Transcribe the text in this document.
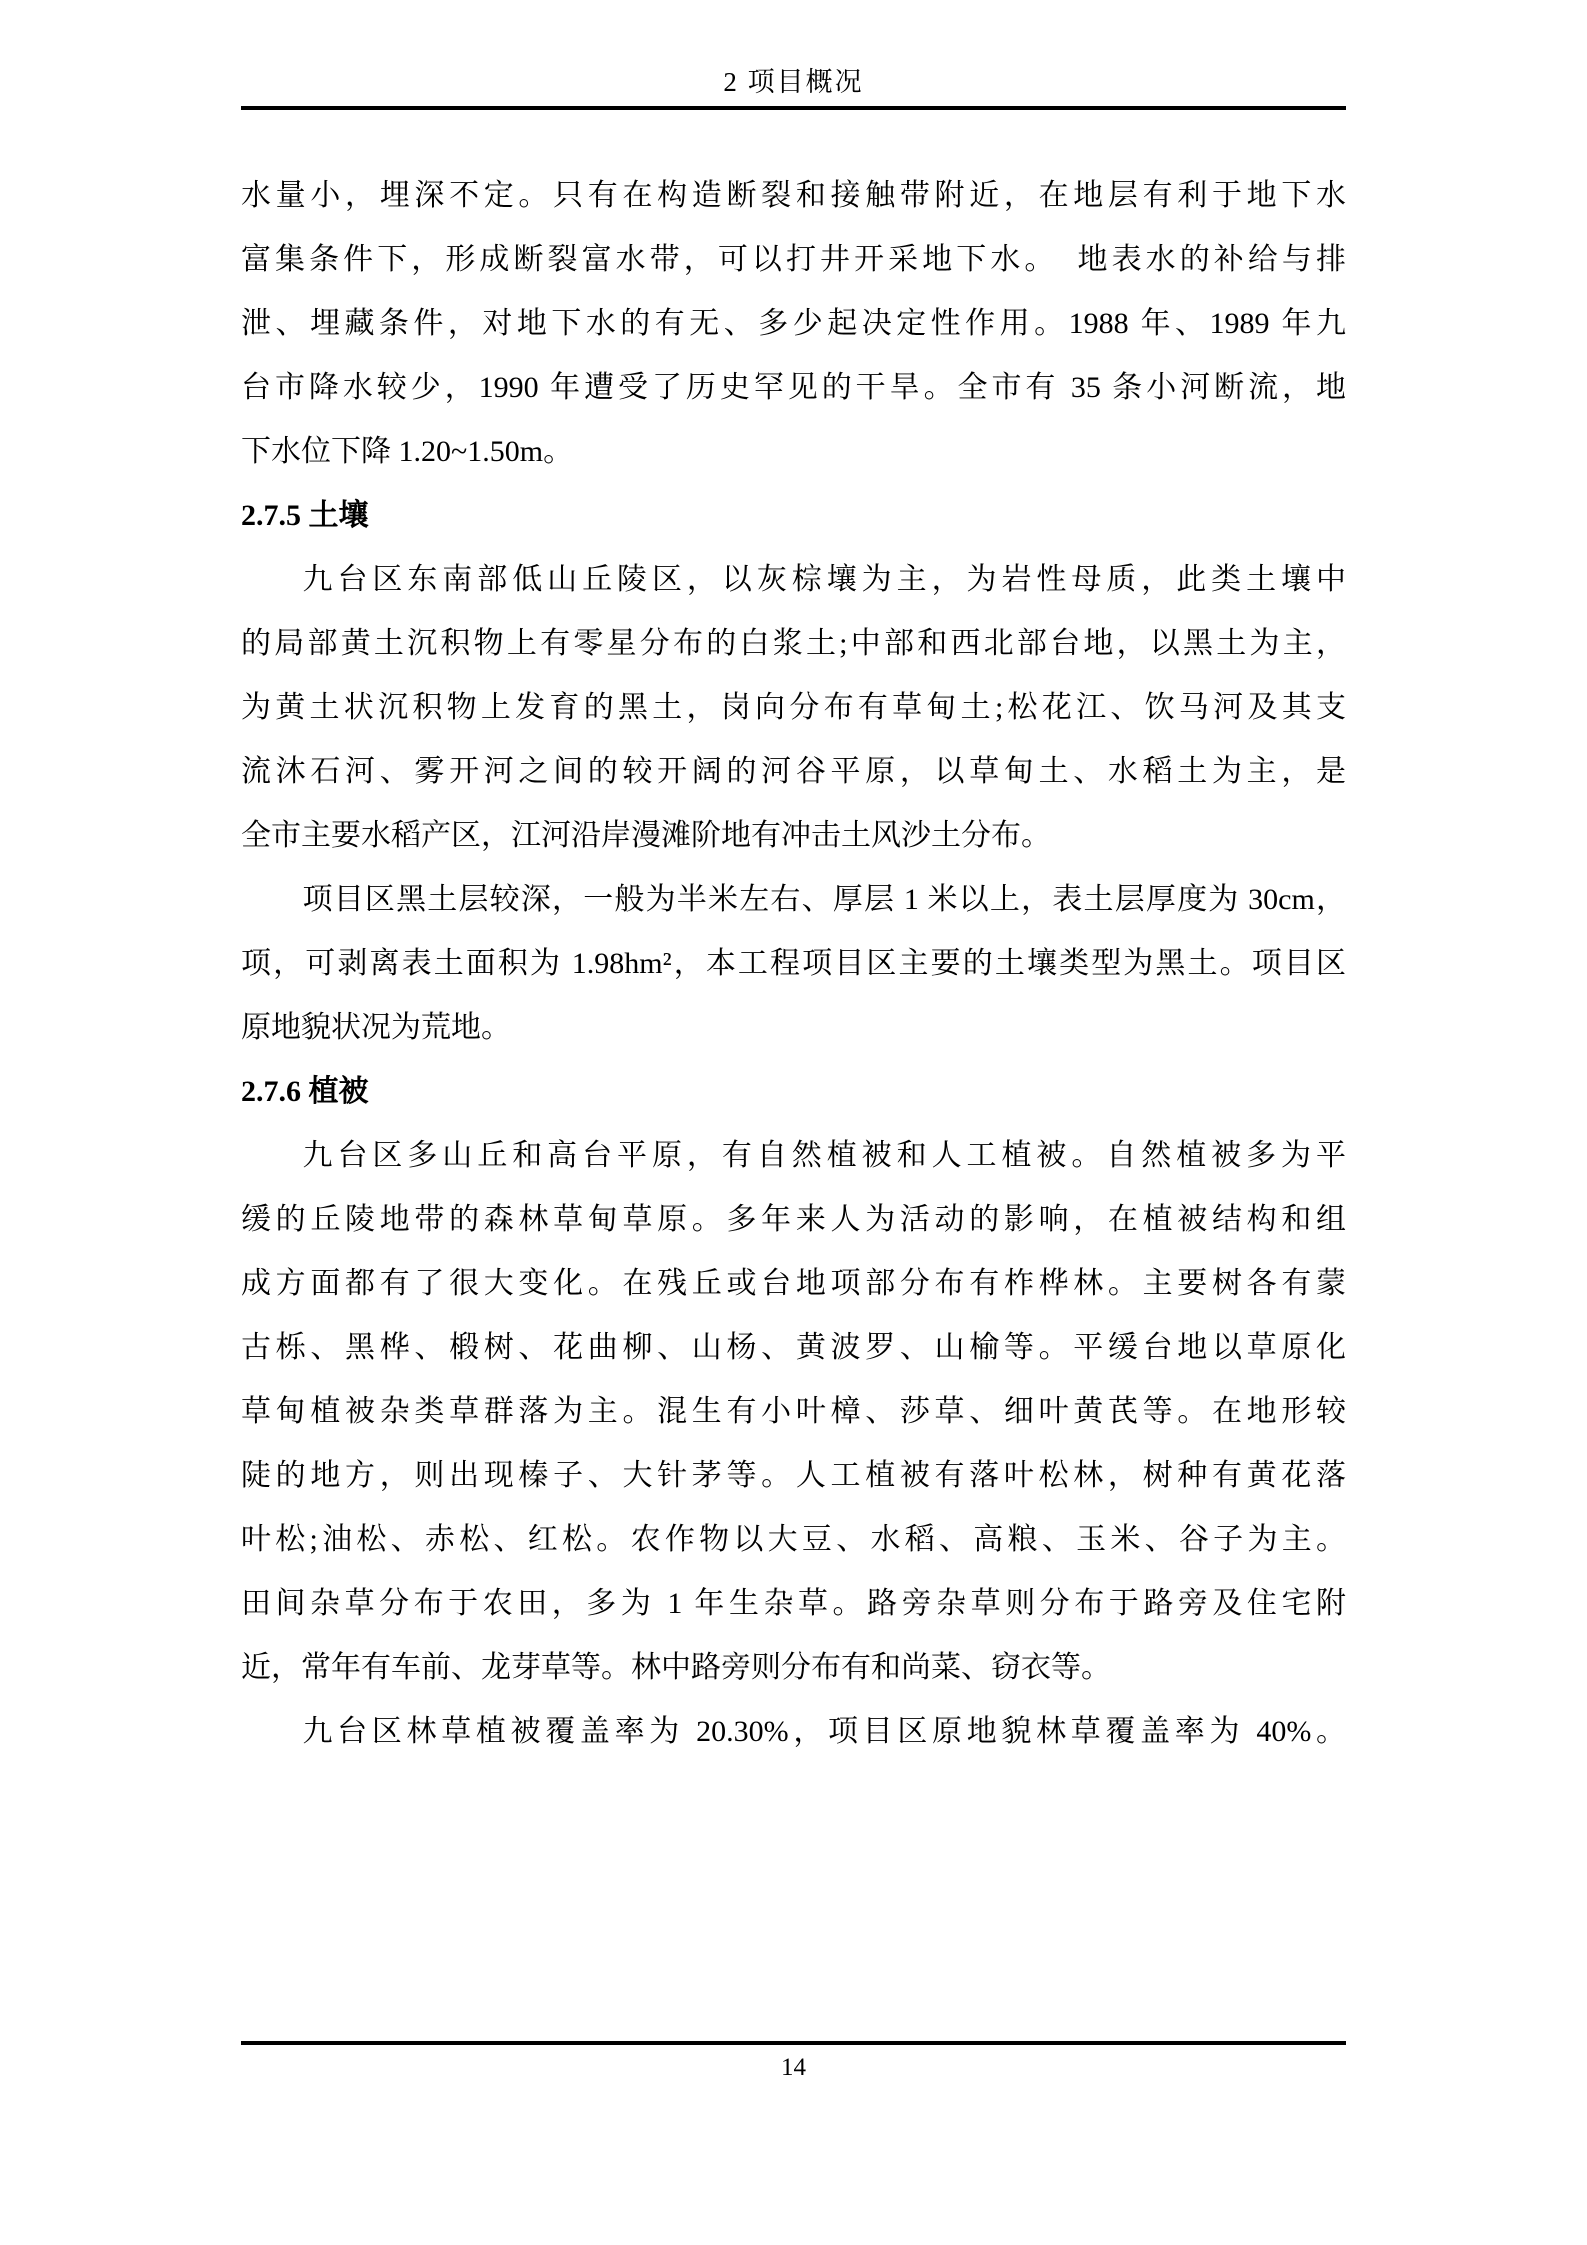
2 项目概况
水量小，埋深不定。只有在构造断裂和接触带附近，在地层有利于地下水
富集条件下，形成断裂富水带，可以打井开采地下水。　地表水的补给与排
泄、埋藏条件，对地下水的有无、多少起决定性作用。1988 年、1989 年九
台市降水较少，1990 年遭受了历史罕见的干旱。全市有 35 条小河断流，地
下水位下降 1.20~1.50m。
2.7.5 土壤
九台区东南部低山丘陵区，以灰棕壤为主，为岩性母质，此类土壤中
的局部黄土沉积物上有零星分布的白浆土;中部和西北部台地，以黑土为主，
为黄土状沉积物上发育的黑土，岗向分布有草甸土;松花江、饮马河及其支
流沐石河、雾开河之间的较开阔的河谷平原，以草甸土、水稻土为主，是
全市主要水稻产区，江河沿岸漫滩阶地有冲击土风沙土分布。
项目区黑土层较深，一般为半米左右、厚层 1 米以上，表土层厚度为 30cm，
项，可剥离表土面积为 1.98hm²，本工程项目区主要的土壤类型为黑土。项目区
原地貌状况为荒地。
2.7.6 植被
九台区多山丘和高台平原，有自然植被和人工植被。自然植被多为平
缓的丘陵地带的森林草甸草原。多年来人为活动的影响，在植被结构和组
成方面都有了很大变化。在残丘或台地项部分布有柞桦林。主要树各有蒙
古栎、黑桦、椴树、花曲柳、山杨、黄波罗、山榆等。平缓台地以草原化
草甸植被杂类草群落为主。混生有小叶樟、莎草、细叶黄芪等。在地形较
陡的地方，则出现榛子、大针茅等。人工植被有落叶松林，树种有黄花落
叶松;油松、赤松、红松。农作物以大豆、水稻、高粮、玉米、谷子为主。
田间杂草分布于农田，多为 1 年生杂草。路旁杂草则分布于路旁及住宅附
近，常年有车前、龙芽草等。林中路旁则分布有和尚菜、窃衣等。
九台区林草植被覆盖率为 20.30%，项目区原地貌林草覆盖率为 40%。
14
